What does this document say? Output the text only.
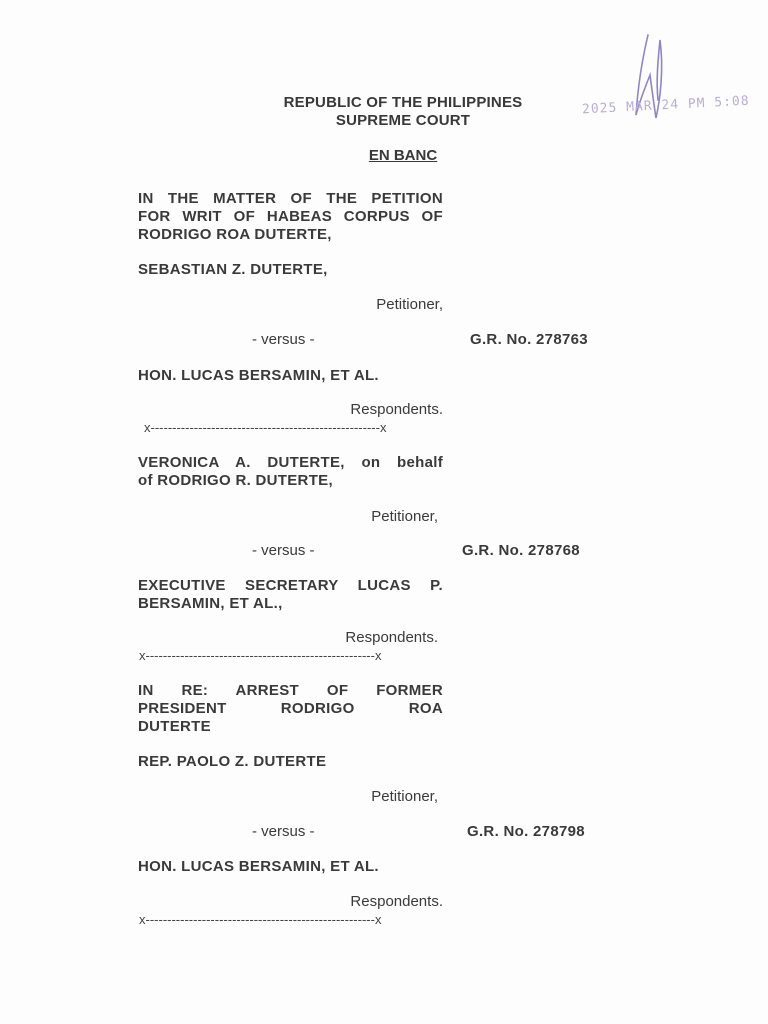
2025 MAR 24 PM 5:08
REPUBLIC OF THE PHILIPPINES
SUPREME COURT
EN BANC
IN THE MATTER OF THE PETITION
FOR WRIT OF HABEAS CORPUS OF
RODRIGO ROA DUTERTE,
SEBASTIAN Z. DUTERTE,
Petitioner,
- versus -	G.R. No. 278763
HON. LUCAS BERSAMIN, ET AL.
Respondents.
x-----------------------------------------------------x
VERONICA A. DUTERTE, on behalf
of RODRIGO R. DUTERTE,
Petitioner,
- versus -	G.R. No. 278768
EXECUTIVE SECRETARY LUCAS P.
BERSAMIN, ET AL.,
Respondents.
x-----------------------------------------------------x
IN RE: ARREST OF FORMER
PRESIDENT RODRIGO ROA
DUTERTE
REP. PAOLO Z. DUTERTE
Petitioner,
- versus -	G.R. No. 278798
HON. LUCAS BERSAMIN, ET AL.
Respondents.
x-----------------------------------------------------x
